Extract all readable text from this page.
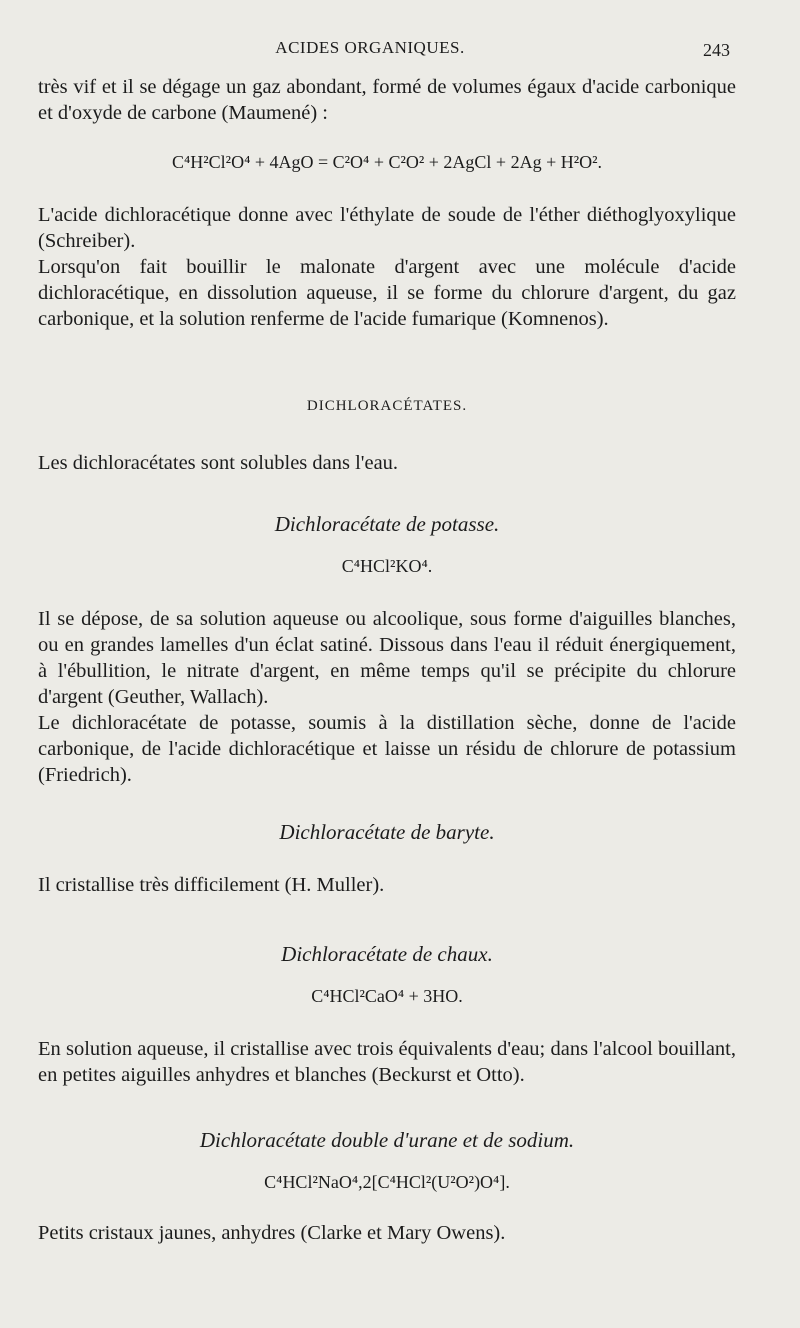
ACIDES ORGANIQUES.	243

très vif et il se dégage un gaz abondant, formé de volumes égaux d'acide carbonique et d'oxyde de carbone (Maumené) :

C⁴H²Cl²O⁴ + 4AgO = C²O⁴ + C²O² + 2AgCl + 2Ag + H²O².

L'acide dichloracétique donne avec l'éthylate de soude de l'éther diéthoglyoxylique (Schreiber).

Lorsqu'on fait bouillir le malonate d'argent avec une molécule d'acide dichloracétique, en dissolution aqueuse, il se forme du chlorure d'argent, du gaz carbonique, et la solution renferme de l'acide fumarique (Komnenos).

DICHLORACÉTATES.

Les dichloracétates sont solubles dans l'eau.

Dichloracétate de potasse.

C⁴HCl²KO⁴.

Il se dépose, de sa solution aqueuse ou alcoolique, sous forme d'aiguilles blanches, ou en grandes lamelles d'un éclat satiné. Dissous dans l'eau il réduit énergiquement, à l'ébullition, le nitrate d'argent, en même temps qu'il se précipite du chlorure d'argent (Geuther, Wallach).

Le dichloracétate de potasse, soumis à la distillation sèche, donne de l'acide carbonique, de l'acide dichloracétique et laisse un résidu de chlorure de potassium (Friedrich).

Dichloracétate de baryte.

Il cristallise très difficilement (H. Muller).

Dichloracétate de chaux.

C⁴HCl²CaO⁴ + 3HO.

En solution aqueuse, il cristallise avec trois équivalents d'eau; dans l'alcool bouillant, en petites aiguilles anhydres et blanches (Beckurst et Otto).

Dichloracétate double d'urane et de sodium.

C⁴HCl²NaO⁴,2[C⁴HCl²(U²O²)O⁴].

Petits cristaux jaunes, anhydres (Clarke et Mary Owens).
